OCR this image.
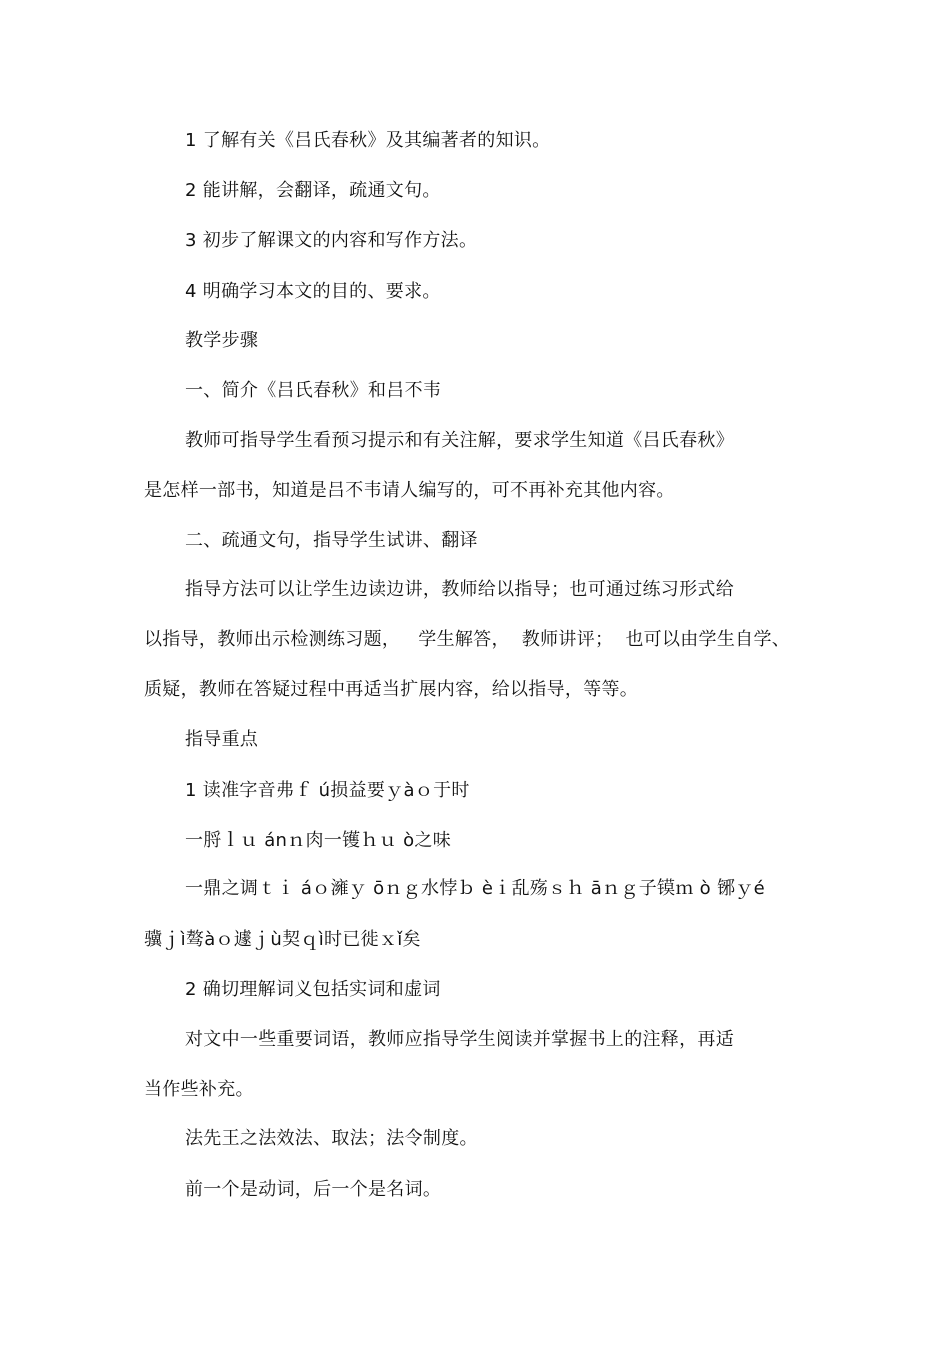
1 了解有关《吕氏春秋》及其编著者的知识。
2 能讲解，会翻译，疏通文句。
3 初步了解课文的内容和写作方法。
4 明确学习本文的目的、要求。
教学步骤
一、简介《吕氏春秋》和吕不韦
教师可指导学生看预习提示和有关注解，要求学生知道《吕氏春秋》
是怎样一部书，知道是吕不韦请人编写的，可不再补充其他内容。
二、疏通文句，指导学生试讲、翻译
指导方法可以让学生边读边讲，教师给以指导；也可通过练习形式给
以指导，教师出示检测练习题，   学生解答，  教师讲评；  也可以由学生自学、
质疑，教师在答疑过程中再适当扩展内容，给以指导，等等。
指导重点
1 读准字音弗ｆ ú损益要ｙàｏ于时
一脟ｌｕ ánｎ肉一镬ｈｕ ò之味
一鼎之调ｔｉ áｏ澭ｙ ōｎｇ水悖ｂ èｉ乱殇ｓｈ āｎｇ子镆ｍ ò 铘ｙé
骥ｊì骜àｏ遽ｊù契ｑì时已徙ｘǐ矣
2 确切理解词义包括实词和虚词
对文中一些重要词语，教师应指导学生阅读并掌握书上的注释，再适
当作些补充。
法先王之法效法、取法；法令制度。
前一个是动词，后一个是名词。
